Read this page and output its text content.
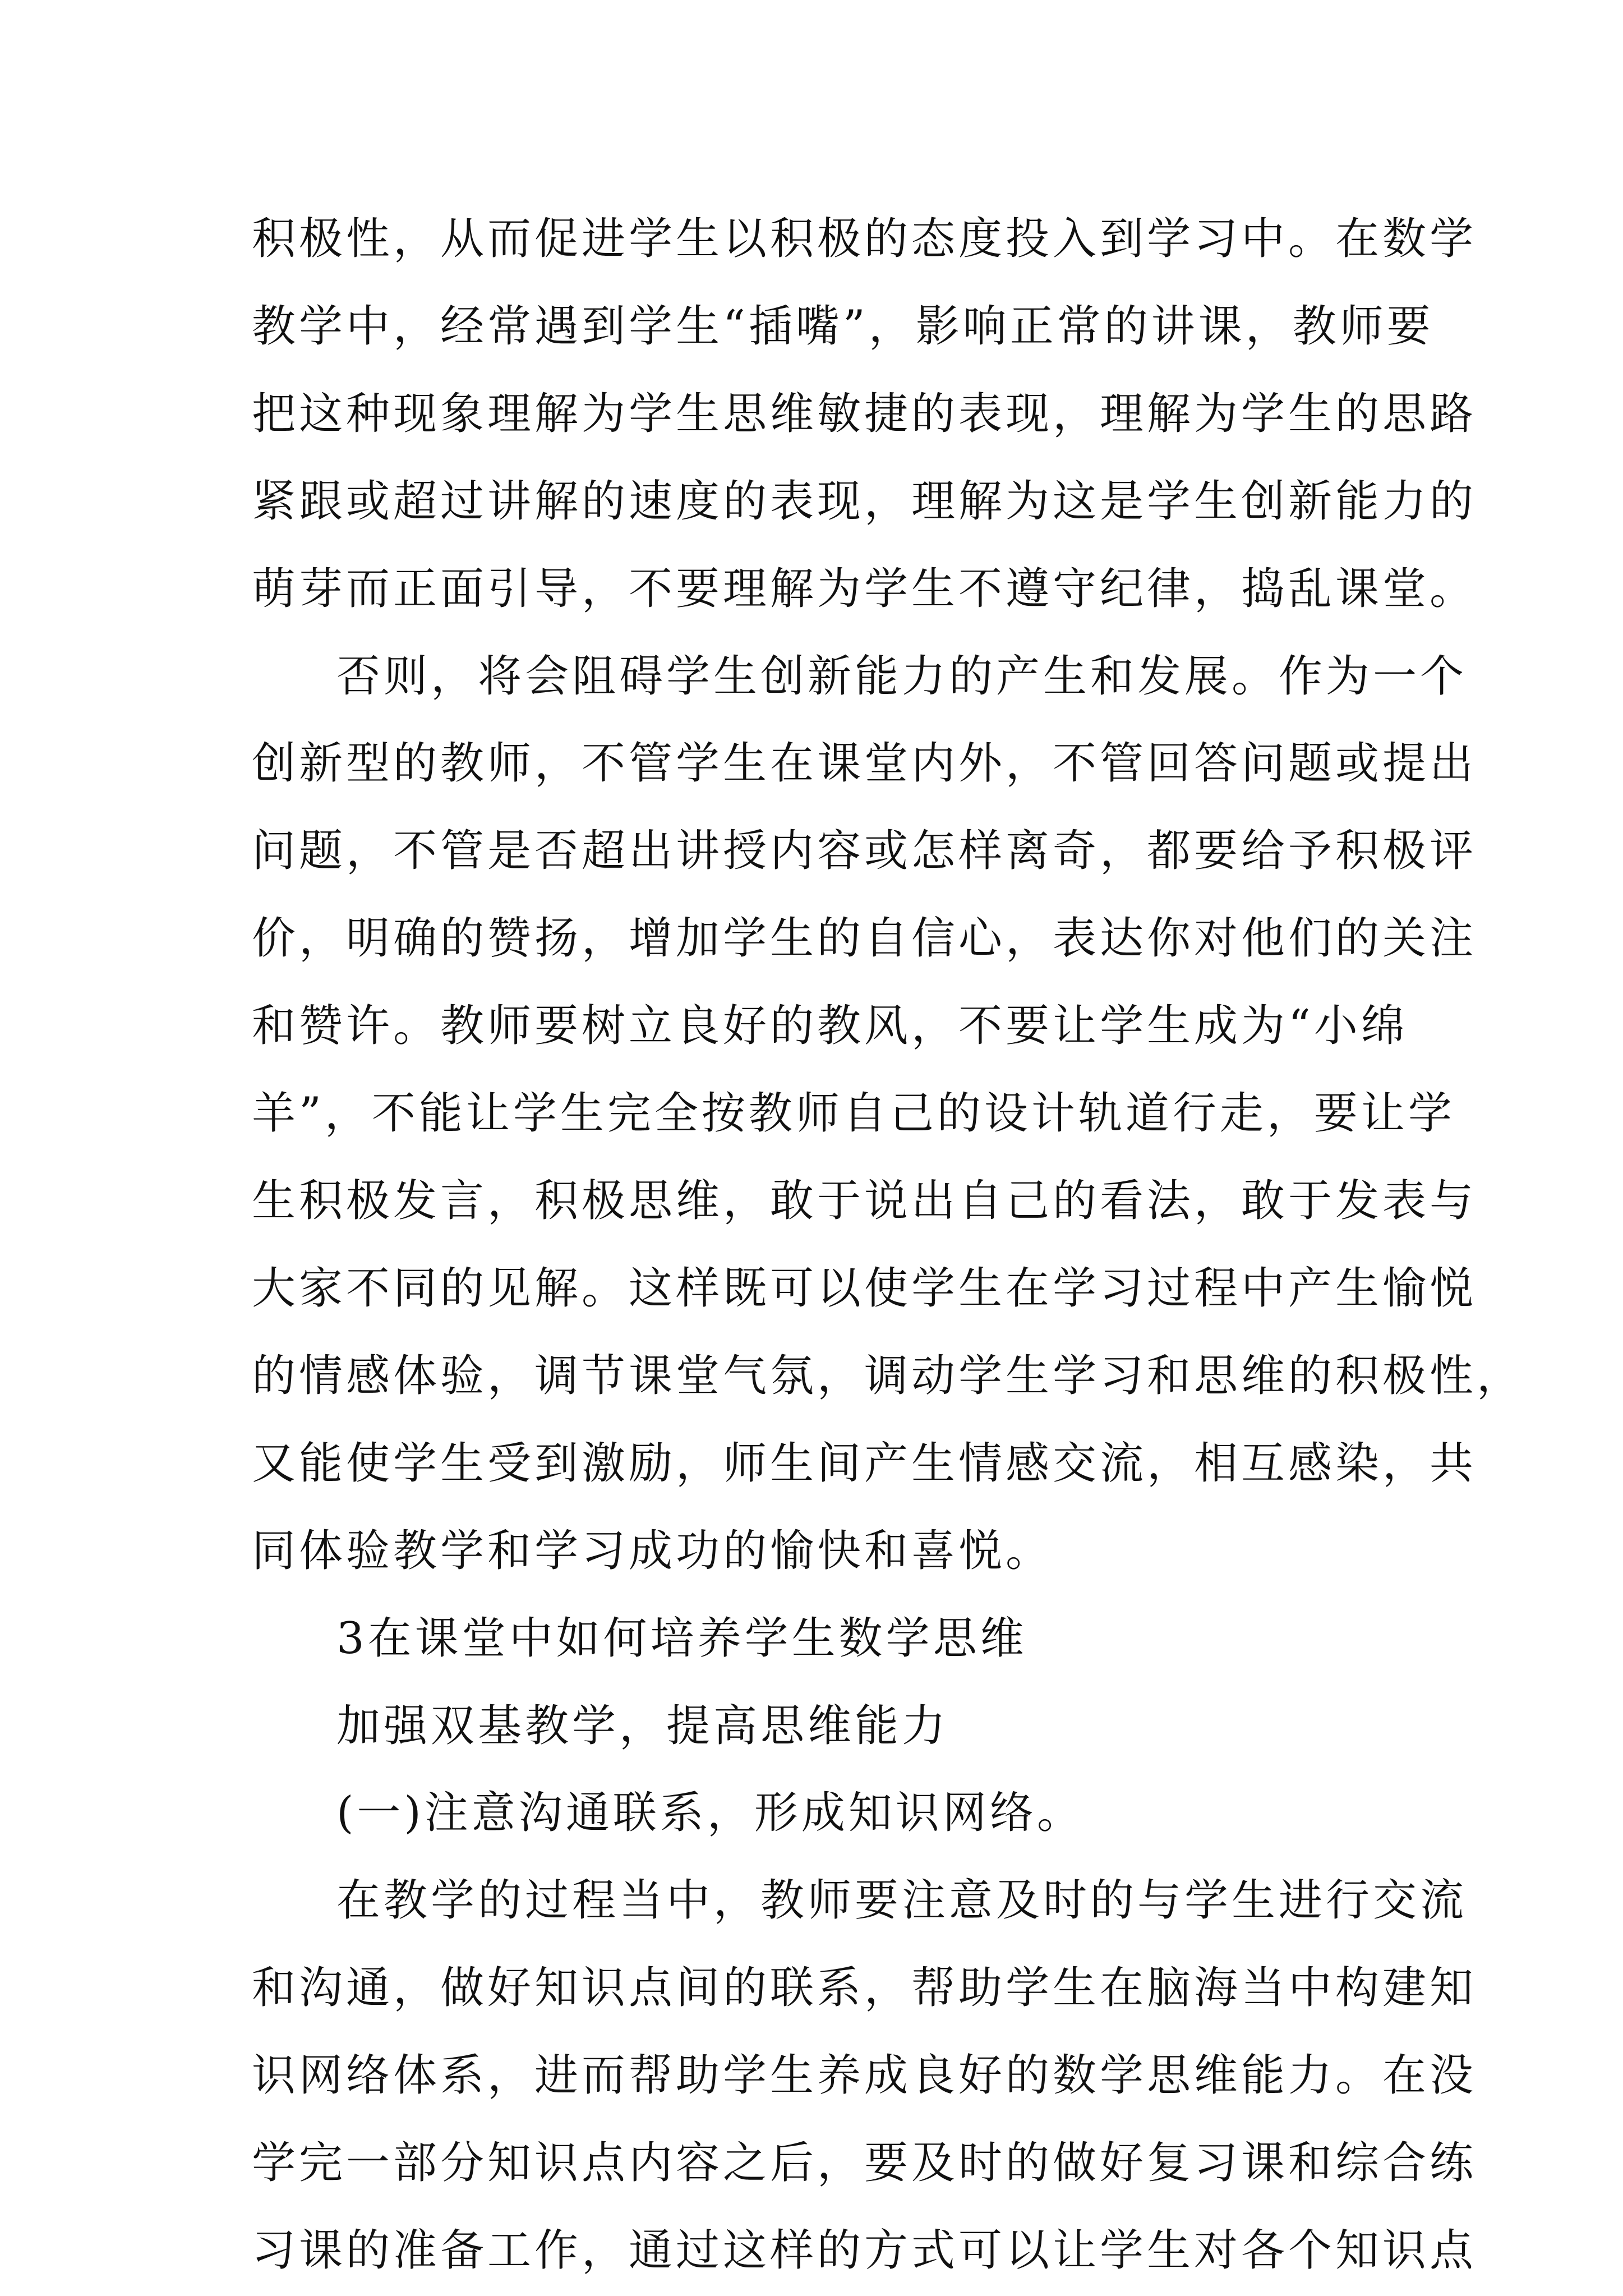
积极性，从而促进学生以积极的态度投入到学习中。在数学
教学中，经常遇到学生“插嘴”，影响正常的讲课，教师要
把这种现象理解为学生思维敏捷的表现，理解为学生的思路
紧跟或超过讲解的速度的表现，理解为这是学生创新能力的
萌芽而正面引导，不要理解为学生不遵守纪律，捣乱课堂。
否则，将会阻碍学生创新能力的产生和发展。作为一个
创新型的教师，不管学生在课堂内外，不管回答问题或提出
问题，不管是否超出讲授内容或怎样离奇，都要给予积极评
价，明确的赞扬，增加学生的自信心，表达你对他们的关注
和赞许。教师要树立良好的教风，不要让学生成为“小绵
羊”，不能让学生完全按教师自己的设计轨道行走，要让学
生积极发言，积极思维，敢于说出自己的看法，敢于发表与
大家不同的见解。这样既可以使学生在学习过程中产生愉悦
的情感体验，调节课堂气氛，调动学生学习和思维的积极性，
又能使学生受到激励，师生间产生情感交流，相互感染，共
同体验教学和学习成功的愉快和喜悦。
3在课堂中如何培养学生数学思维
加强双基教学，提高思维能力
(一)注意沟通联系，形成知识网络。
在教学的过程当中，教师要注意及时的与学生进行交流
和沟通，做好知识点间的联系，帮助学生在脑海当中构建知
识网络体系，进而帮助学生养成良好的数学思维能力。在没
学完一部分知识点内容之后，要及时的做好复习课和综合练
习课的准备工作，通过这样的方式可以让学生对各个知识点
